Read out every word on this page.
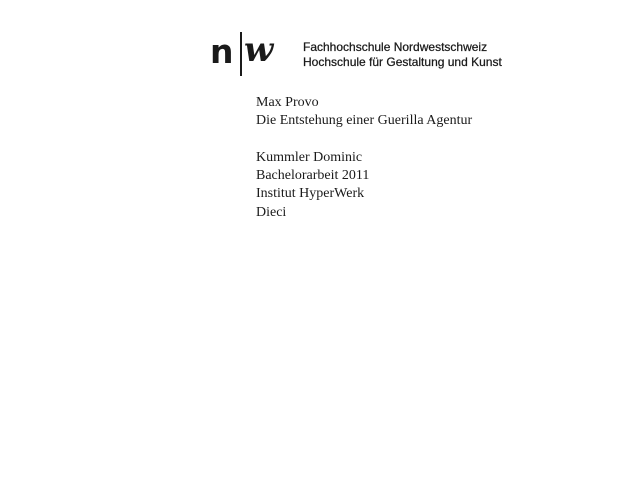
n w Fachhochschule Nordwestschweiz
Hochschule für Gestaltung und Kunst
Max Provo
Die Entstehung einer Guerilla Agentur
Kummler Dominic
Bachelorarbeit 2011
Institut HyperWerk
Dieci
